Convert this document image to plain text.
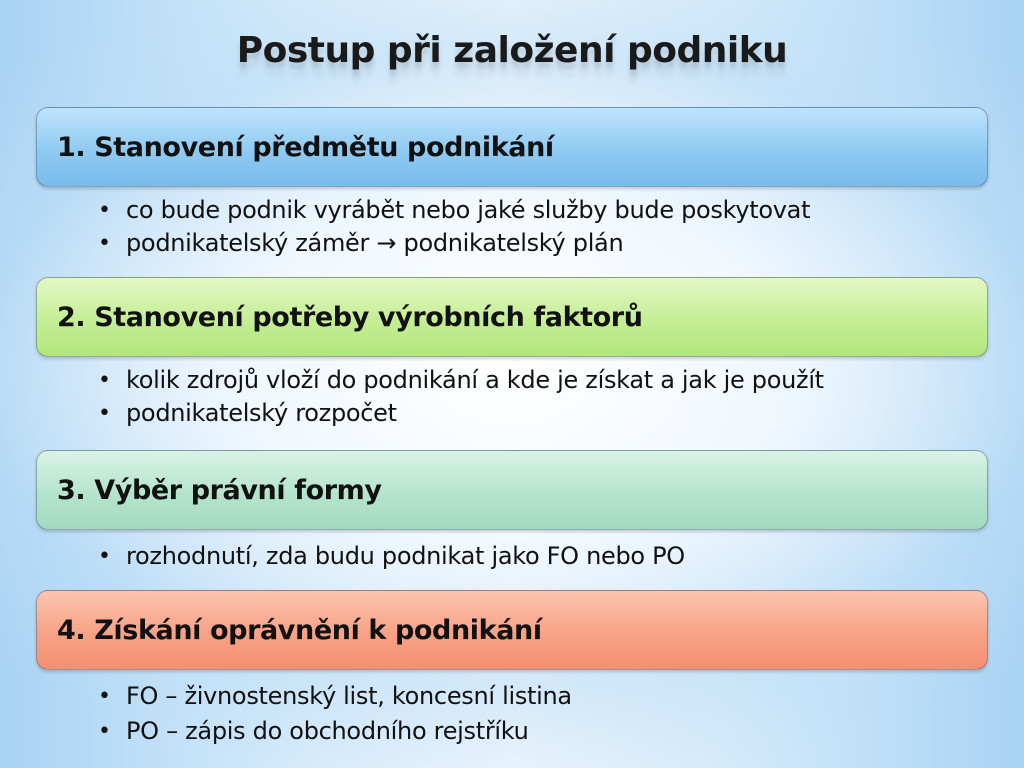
Postup při založení podniku
1. Stanovení předmětu podnikání
• co bude podnik vyrábět nebo jaké služby bude poskytovat
• podnikatelský záměr → podnikatelský plán
2. Stanovení potřeby výrobních faktorů
• kolik zdrojů vloží do podnikání a kde je získat a jak je použít
• podnikatelský rozpočet
3. Výběr právní formy
• rozhodnutí, zda budu podnikat jako FO nebo PO
4. Získání oprávnění k podnikání
• FO – živnostenský list, koncesní listina
• PO – zápis do obchodního rejstříku
